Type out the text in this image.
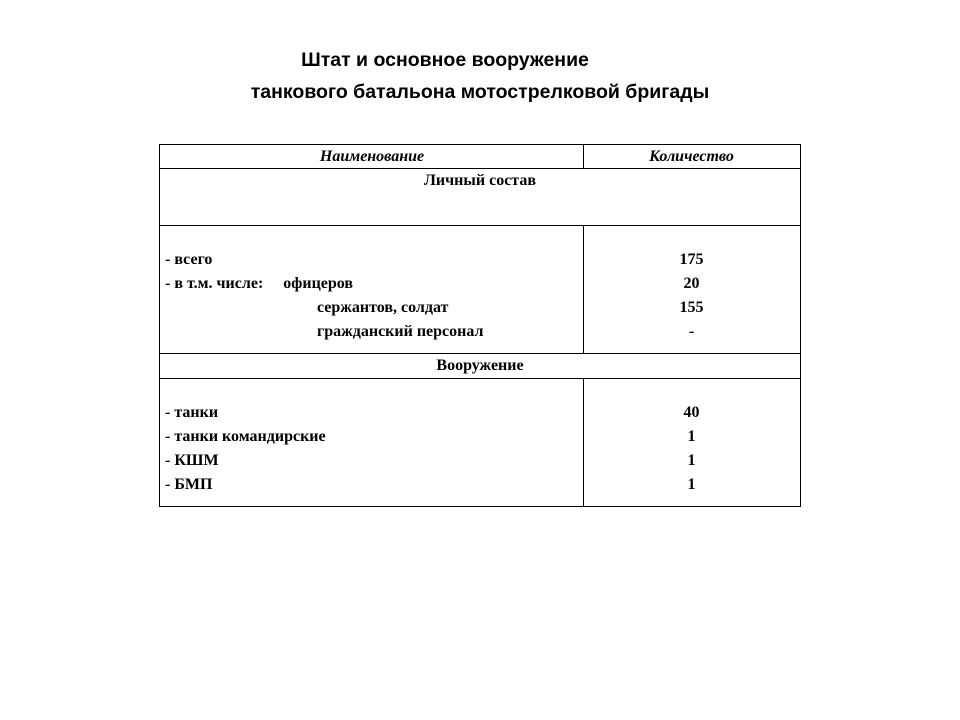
Штат и основное вооружение
танкового батальона мотострелковой бригады
Наименование	Количество
Личный состав
- всего
- в т.м. числе:     офицеров
сержантов, солдат
гражданский персонал
175
20
155
-
Вооружение
- танки
- танки командирские
- КШМ
- БМП
40
1
1
1
